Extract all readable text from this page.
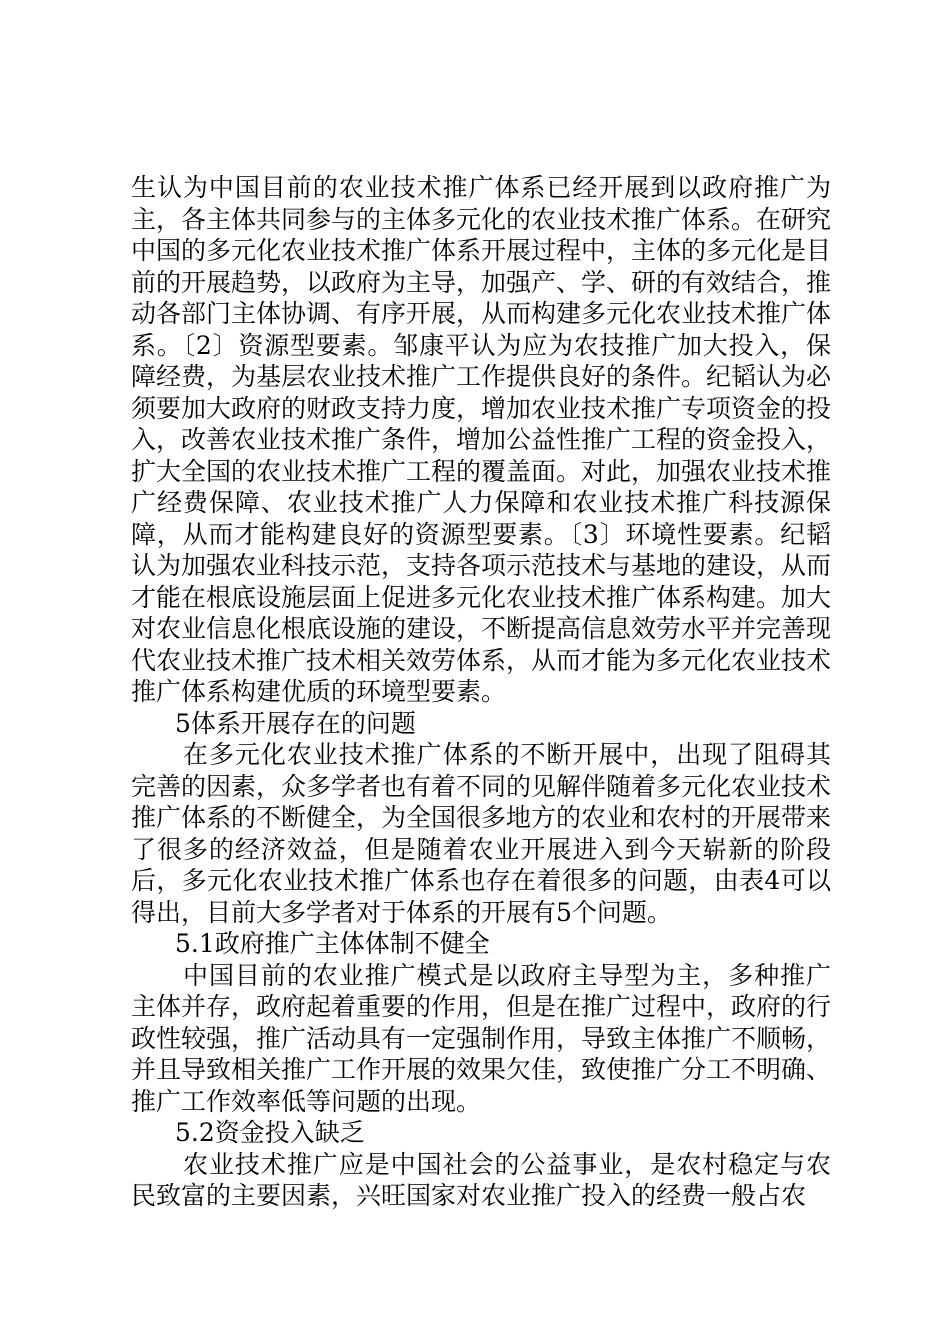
生认为中国目前的农业技术推广体系已经开展到以政府推广为主，各主体共同参与的主体多元化的农业技术推广体系。在研究中国的多元化农业技术推广体系开展过程中，主体的多元化是目前的开展趋势，以政府为主导，加强产、学、研的有效结合，推动各部门主体协调、有序开展，从而构建多元化农业技术推广体系。〔2〕资源型要素。邹康平认为应为农技推广加大投入，保障经费，为基层农业技术推广工作提供良好的条件。纪韬认为必须要加大政府的财政支持力度，增加农业技术推广专项资金的投入，改善农业技术推广条件，增加公益性推广工程的资金投入，扩大全国的农业技术推广工程的覆盖面。对此，加强农业技术推广经费保障、农业技术推广人力保障和农业技术推广科技源保障，从而才能构建良好的资源型要素。〔3〕环境性要素。纪韬认为加强农业科技示范，支持各项示范技术与基地的建设，从而才能在根底设施层面上促进多元化农业技术推广体系构建。加大对农业信息化根底设施的建设，不断提高信息效劳水平并完善现代农业技术推广技术相关效劳体系，从而才能为多元化农业技术推广体系构建优质的环境型要素。

5体系开展存在的问题

在多元化农业技术推广体系的不断开展中，出现了阻碍其完善的因素，众多学者也有着不同的见解伴随着多元化农业技术推广体系的不断健全，为全国很多地方的农业和农村的开展带来了很多的经济效益，但是随着农业开展进入到今天崭新的阶段后，多元化农业技术推广体系也存在着很多的问题，由表4可以得出，目前大多学者对于体系的开展有5个问题。

5.1政府推广主体体制不健全

中国目前的农业推广模式是以政府主导型为主，多种推广主体并存，政府起着重要的作用，但是在推广过程中，政府的行政性较强，推广活动具有一定强制作用，导致主体推广不顺畅，并且导致相关推广工作开展的效果欠佳，致使推广分工不明确、推广工作效率低等问题的出现。

5.2资金投入缺乏

农业技术推广应是中国社会的公益事业，是农村稳定与农民致富的主要因素，兴旺国家对农业推广投入的经费一般占农
